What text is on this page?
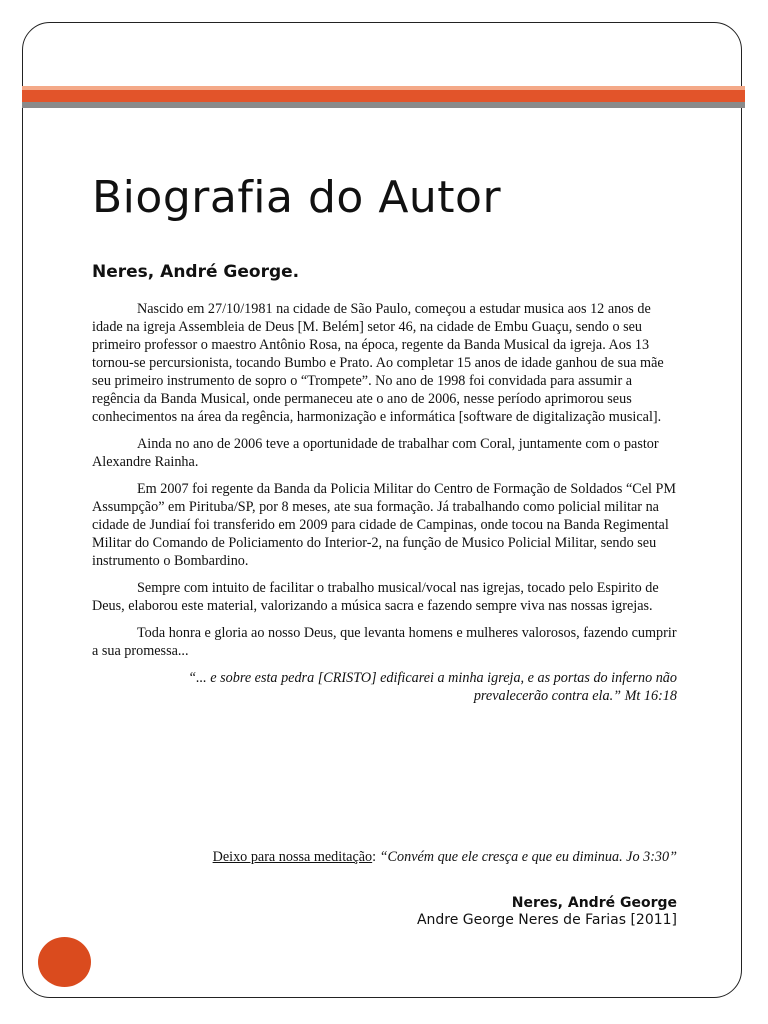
Biografia do Autor
Neres, André George.

Nascido em 27/10/1981 na cidade de São Paulo, começou a estudar musica aos 12 anos de idade na igreja Assembleia de Deus [M. Belém] setor 46, na cidade de Embu Guaçu, sendo o seu primeiro professor o maestro Antônio Rosa, na época, regente da Banda Musical da igreja. Aos 13 tornou-se percursionista, tocando Bumbo e Prato. Ao completar 15 anos de idade ganhou de sua mãe seu primeiro instrumento de sopro o “Trompete”. No ano de 1998 foi convidada para assumir a regência da Banda Musical, onde permaneceu ate o ano de 2006, nesse período aprimorou seus conhecimentos na área da regência, harmonização e informática [software de digitalização musical].

Ainda no ano de 2006 teve a oportunidade de trabalhar com Coral, juntamente com o pastor Alexandre Rainha.

Em 2007 foi regente da Banda da Policia Militar do Centro de Formação de Soldados “Cel PM Assumpção” em Pirituba/SP, por 8 meses, ate sua formação. Já trabalhando como policial militar na cidade de Jundiaí foi transferido em 2009 para cidade de Campinas, onde tocou na Banda Regimental Militar do Comando de Policiamento do Interior-2, na função de Musico Policial Militar, sendo seu instrumento o Bombardino.

Sempre com intuito de facilitar o trabalho musical/vocal nas igrejas, tocado pelo Espirito de Deus, elaborou este material, valorizando a música sacra e fazendo sempre viva nas nossas igrejas.

Toda honra e gloria ao nosso Deus, que levanta homens e mulheres valorosos, fazendo cumprir a sua promessa...

“... e sobre esta pedra [CRISTO] edificarei a minha igreja, e as portas do inferno não
prevalecerão contra ela.” Mt 16:18

Deixo para nossa meditação: “Convém que ele cresça e que eu diminua. Jo 3:30”

Neres, André George
Andre George Neres de Farias [2011]
